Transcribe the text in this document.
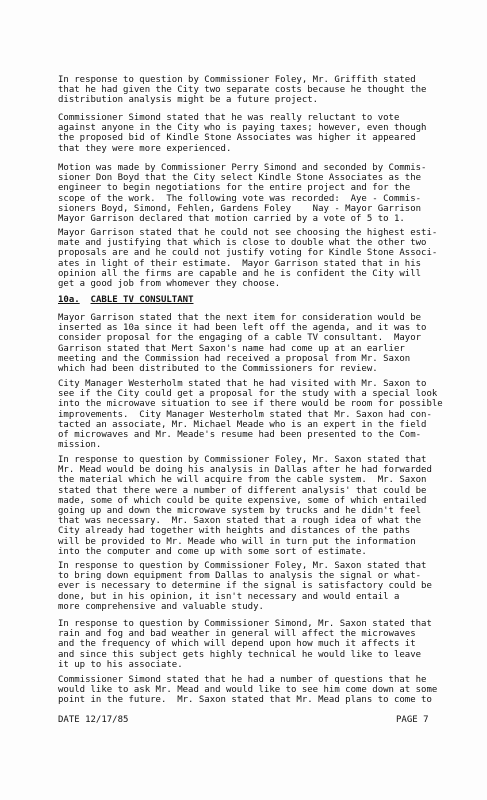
In response to question by Commissioner Foley, Mr. Griffith stated
that he had given the City two separate costs because he thought the
distribution analysis might be a future project.

Commissioner Simond stated that he was really reluctant to vote
against anyone in the City who is paying taxes; however, even though
the proposed bid of Kindle Stone Associates was higher it appeared
that they were more experienced.

Motion was made by Commissioner Perry Simond and seconded by Commis-
sioner Don Boyd that the City select Kindle Stone Associates as the
engineer to begin negotiations for the entire project and for the
scope of the work.  The following vote was recorded:  Aye - Commis-
sioners Boyd, Simond, Fehlen, Gardens Foley    Nay - Mayor Garrison
Mayor Garrison declared that motion carried by a vote of 5 to 1.

Mayor Garrison stated that he could not see choosing the highest esti-
mate and justifying that which is close to double what the other two
proposals are and he could not justify voting for Kindle Stone Associ-
ates in light of their estimate.  Mayor Garrison stated that in his
opinion all the firms are capable and he is confident the City will
get a good job from whomever they choose.

10a. CABLE TV CONSULTANT

Mayor Garrison stated that the next item for consideration would be
inserted as 10a since it had been left off the agenda, and it was to
consider proposal for the engaging of a cable TV consultant.  Mayor
Garrison stated that Mert Saxon's name had come up at an earlier
meeting and the Commission had received a proposal from Mr. Saxon
which had been distributed to the Commissioners for review.

City Manager Westerholm stated that he had visited with Mr. Saxon to
see if the City could get a proposal for the study with a special look
into the microwave situation to see if there would be room for possible
improvements.  City Manager Westerholm stated that Mr. Saxon had con-
tacted an associate, Mr. Michael Meade who is an expert in the field
of microwaves and Mr. Meade's resume had been presented to the Com-
mission.

In response to question by Commissioner Foley, Mr. Saxon stated that
Mr. Mead would be doing his analysis in Dallas after he had forwarded
the material which he will acquire from the cable system.  Mr. Saxon
stated that there were a number of different analysis' that could be
made, some of which could be quite expensive, some of which entailed
going up and down the microwave system by trucks and he didn't feel
that was necessary.  Mr. Saxon stated that a rough idea of what the
City already had together with heights and distances of the paths
will be provided to Mr. Meade who will in turn put the information
into the computer and come up with some sort of estimate.

In response to question by Commissioner Foley, Mr. Saxon stated that
to bring down equipment from Dallas to analysis the signal or what-
ever is necessary to determine if the signal is satisfactory could be
done, but in his opinion, it isn't necessary and would entail a
more comprehensive and valuable study.

In response to question by Commissioner Simond, Mr. Saxon stated that
rain and fog and bad weather in general will affect the microwaves
and the frequency of which will depend upon how much it affects it
and since this subject gets highly technical he would like to leave
it up to his associate.

Commissioner Simond stated that he had a number of questions that he
would like to ask Mr. Mead and would like to see him come down at some
point in the future.  Mr. Saxon stated that Mr. Mead plans to come to

DATE 12/17/85	PAGE 7
